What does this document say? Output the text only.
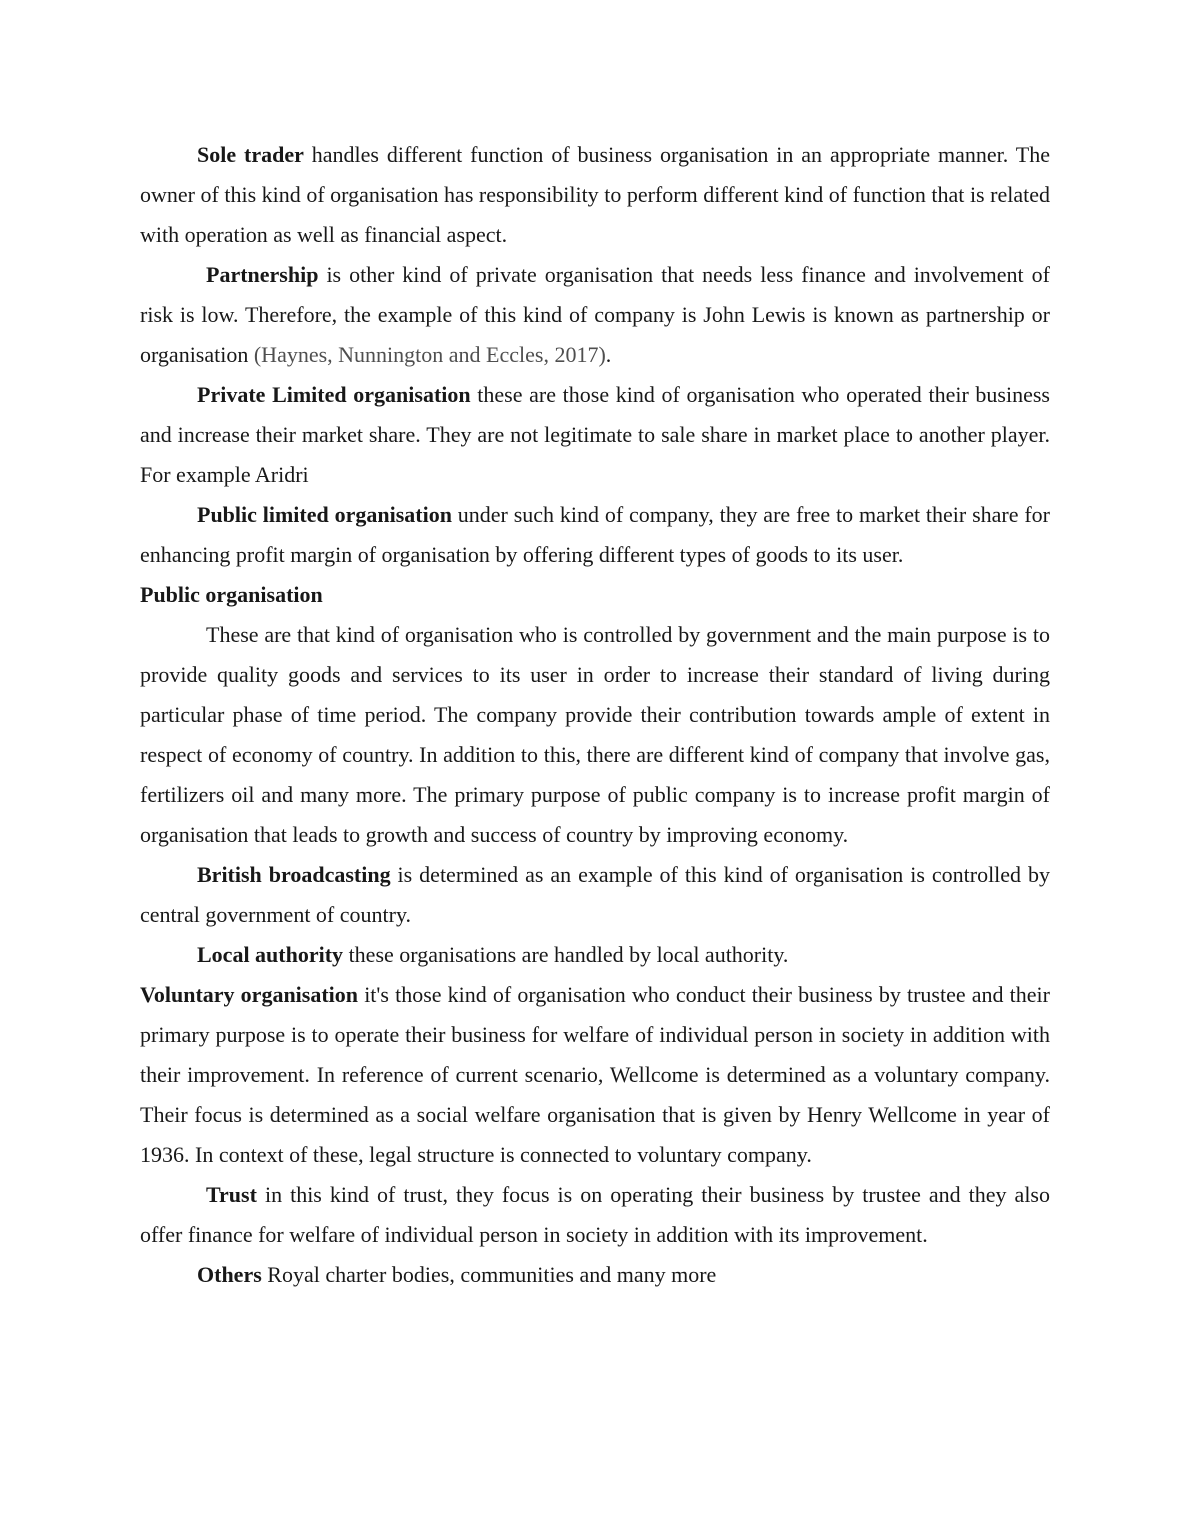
Sole trader handles different function of business organisation in an appropriate manner. The owner of this kind of organisation has responsibility to perform different kind of function that is related with operation as well as financial aspect.

Partnership is other kind of private organisation that needs less finance and involvement of risk is low. Therefore, the example of this kind of company is John Lewis is known as partnership or organisation (Haynes, Nunnington and Eccles, 2017).

Private Limited organisation these are those kind of organisation who operated their business and increase their market share. They are not legitimate to sale share in market place to another player. For example Aridri

Public limited organisation under such kind of company, they are free to market their share for enhancing profit margin of organisation by offering different types of goods to its user.

Public organisation

These are that kind of organisation who is controlled by government and the main purpose is to provide quality goods and services to its user in order to increase their standard of living during particular phase of time period. The company provide their contribution towards ample of extent in respect of economy of country. In addition to this, there are different kind of company that involve gas, fertilizers oil and many more. The primary purpose of public company is to increase profit margin of organisation that leads to growth and success of country by improving economy.

British broadcasting is determined as an example of this kind of organisation is controlled by central government of country.

Local authority these organisations are handled by local authority.

Voluntary organisation it's those kind of organisation who conduct their business by trustee and their primary purpose is to operate their business for welfare of individual person in society in addition with their improvement. In reference of current scenario, Wellcome is determined as a voluntary company. Their focus is determined as a social welfare organisation that is given by Henry Wellcome in year of 1936. In context of these, legal structure is connected to voluntary company.

Trust in this kind of trust, they focus is on operating their business by trustee and they also offer finance for welfare of individual person in society in addition with its improvement.

Others Royal charter bodies, communities and many more
